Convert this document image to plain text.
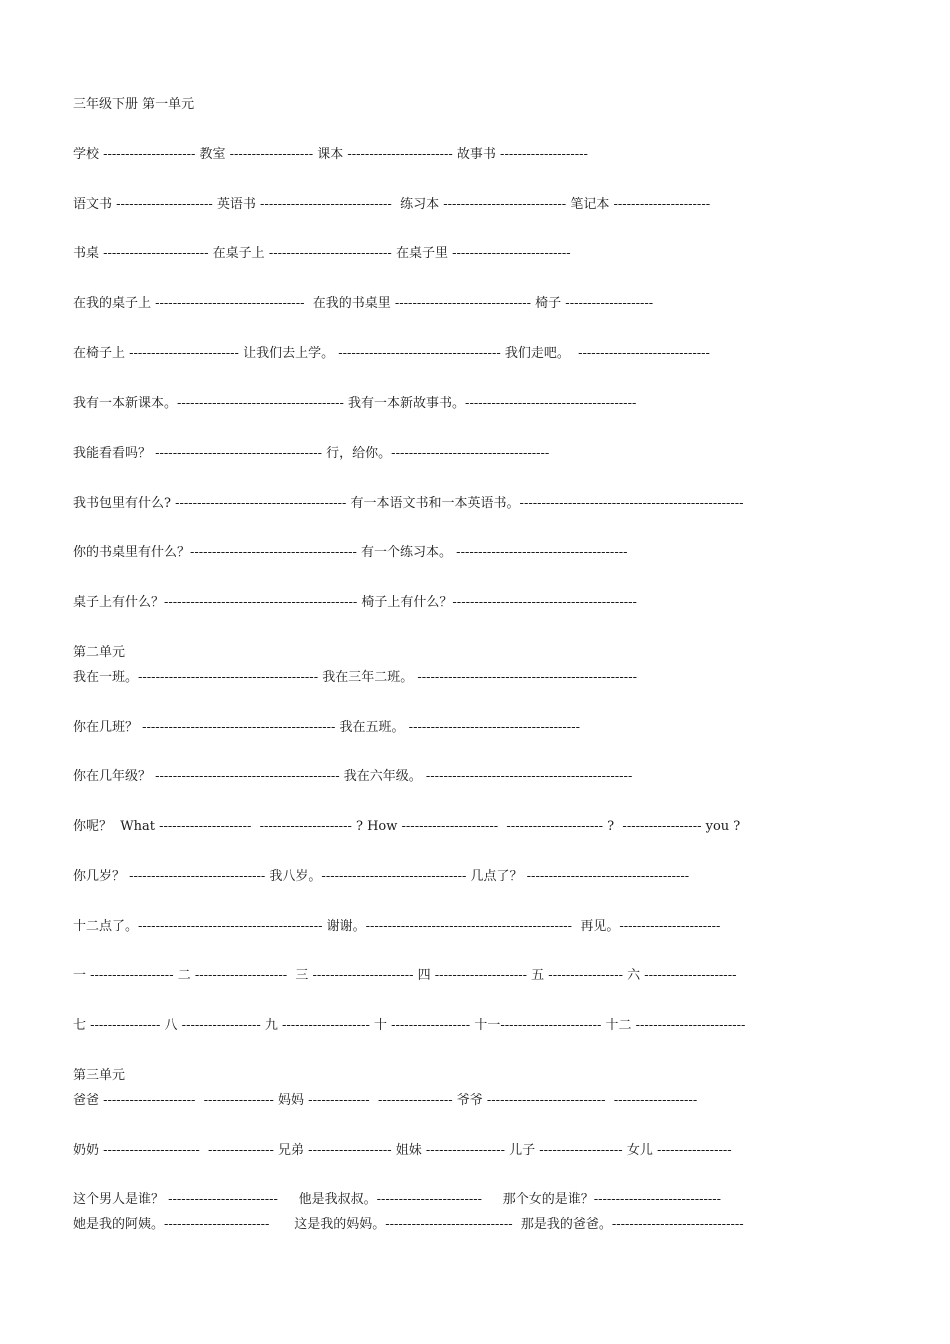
三年级下册 第一单元
学校 --------------------- 教室 ------------------- 课本 ------------------------ 故事书 --------------------
语文书 ---------------------- 英语书 ------------------------------  练习本 ---------------------------- 笔记本 ----------------------
书桌 ------------------------ 在桌子上 ---------------------------- 在桌子里 ---------------------------
在我的桌子上 ----------------------------------  在我的书桌里 ------------------------------- 椅子 --------------------
在椅子上 ------------------------- 让我们去上学。 ------------------------------------- 我们走吧。  ------------------------------
我有一本新课本。-------------------------------------- 我有一本新故事书。---------------------------------------
我能看看吗？ -------------------------------------- 行，给你。------------------------------------
我书包里有什么? --------------------------------------- 有一本语文书和一本英语书。---------------------------------------------------
你的书桌里有什么？-------------------------------------- 有一个练习本。 ---------------------------------------
桌子上有什么？-------------------------------------------- 椅子上有什么？------------------------------------------
第二单元
我在一班。----------------------------------------- 我在三年二班。 --------------------------------------------------
你在几班？ -------------------------------------------- 我在五班。 ---------------------------------------
你在几年级？ ------------------------------------------ 我在六年级。 -----------------------------------------------
你呢？  What ---------------------  --------------------- ? How ----------------------  ---------------------- ?  ------------------ you ?
你几岁？ ------------------------------- 我八岁。--------------------------------- 几点了？ -------------------------------------
十二点了。------------------------------------------ 谢谢。-----------------------------------------------  再见。-----------------------
一 ------------------- 二 ---------------------  三 ----------------------- 四 --------------------- 五 ----------------- 六 ---------------------
七 ---------------- 八 ------------------ 九 -------------------- 十 ------------------ 十一----------------------- 十二 -------------------------
第三单元
爸爸 ---------------------  ---------------- 妈妈 --------------  ----------------- 爷爷 ---------------------------  -------------------
奶奶 ----------------------  --------------- 兄弟 ------------------- 姐妹 ------------------ 儿子 ------------------- 女儿 -----------------
这个男人是谁？ -------------------------     他是我叔叔。------------------------     那个女的是谁？-----------------------------
她是我的阿姨。------------------------      这是我的妈妈。-----------------------------  那是我的爸爸。------------------------------
